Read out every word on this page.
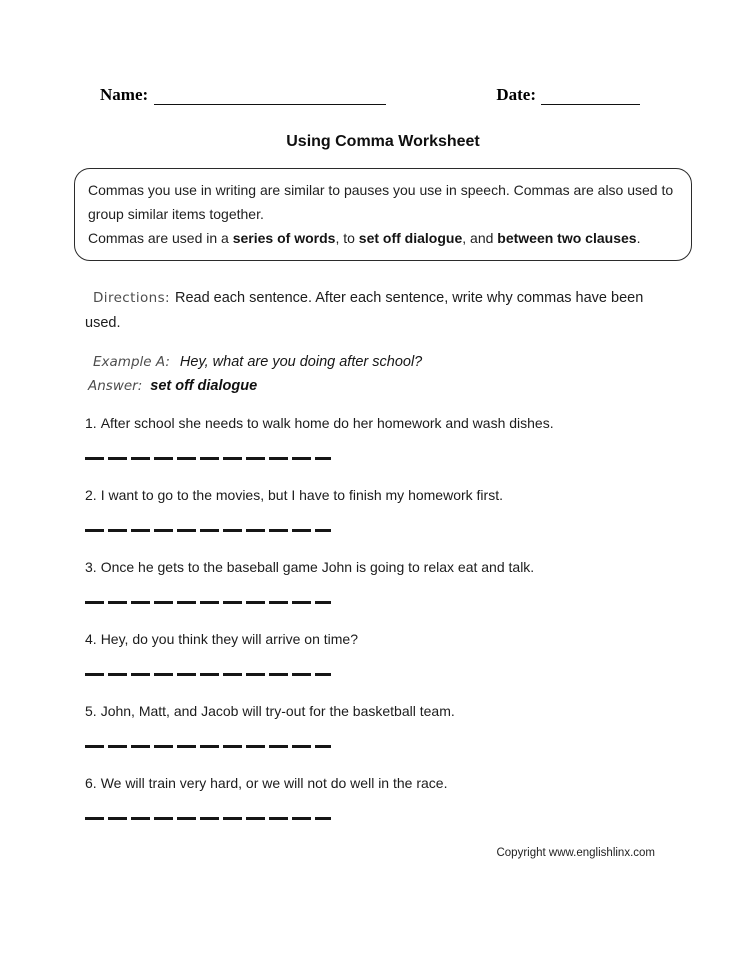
Name:	Date:
Using Comma Worksheet
Commas you use in writing are similar to pauses you use in speech. Commas are also used to group similar items together.
Commas are used in a series of words, to set off dialogue, and between two clauses.
Directions: Read each sentence. After each sentence, write why commas have been used.
Example A: Hey, what are you doing after school?
Answer: set off dialogue
1. After school she needs to walk home do her homework and wash dishes.
2. I want to go to the movies, but I have to finish my homework first.
3. Once he gets to the baseball game John is going to relax eat and talk.
4. Hey, do you think they will arrive on time?
5. John, Matt, and Jacob will try-out for the basketball team.
6. We will train very hard, or we will not do well in the race.
Copyright www.englishlinx.com
